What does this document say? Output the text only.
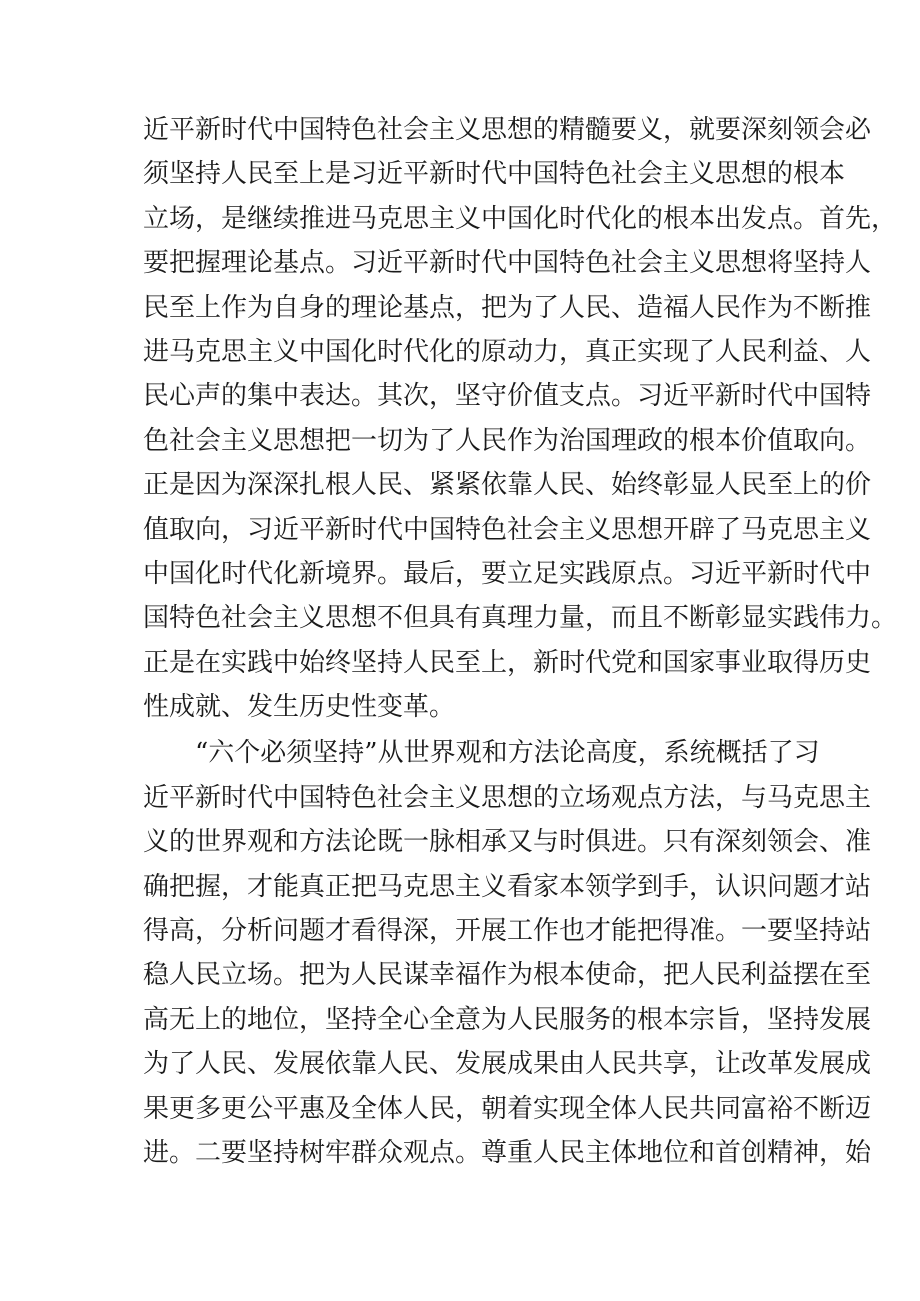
近平新时代中国特色社会主义思想的精髓要义，就要深刻领会必
须坚持人民至上是习近平新时代中国特色社会主义思想的根本
立场，是继续推进马克思主义中国化时代化的根本出发点。首先，
要把握理论基点。习近平新时代中国特色社会主义思想将坚持人
民至上作为自身的理论基点，把为了人民、造福人民作为不断推
进马克思主义中国化时代化的原动力，真正实现了人民利益、人
民心声的集中表达。其次，坚守价值支点。习近平新时代中国特
色社会主义思想把一切为了人民作为治国理政的根本价值取向。
正是因为深深扎根人民、紧紧依靠人民、始终彰显人民至上的价
值取向，习近平新时代中国特色社会主义思想开辟了马克思主义
中国化时代化新境界。最后，要立足实践原点。习近平新时代中
国特色社会主义思想不但具有真理力量，而且不断彰显实践伟力。
正是在实践中始终坚持人民至上，新时代党和国家事业取得历史
性成就、发生历史性变革。
“六个必须坚持”从世界观和方法论高度，系统概括了习
近平新时代中国特色社会主义思想的立场观点方法，与马克思主
义的世界观和方法论既一脉相承又与时俱进。只有深刻领会、准
确把握，才能真正把马克思主义看家本领学到手，认识问题才站
得高，分析问题才看得深，开展工作也才能把得准。一要坚持站
稳人民立场。把为人民谋幸福作为根本使命，把人民利益摆在至
高无上的地位，坚持全心全意为人民服务的根本宗旨，坚持发展
为了人民、发展依靠人民、发展成果由人民共享，让改革发展成
果更多更公平惠及全体人民，朝着实现全体人民共同富裕不断迈
进。二要坚持树牢群众观点。尊重人民主体地位和首创精神，始
